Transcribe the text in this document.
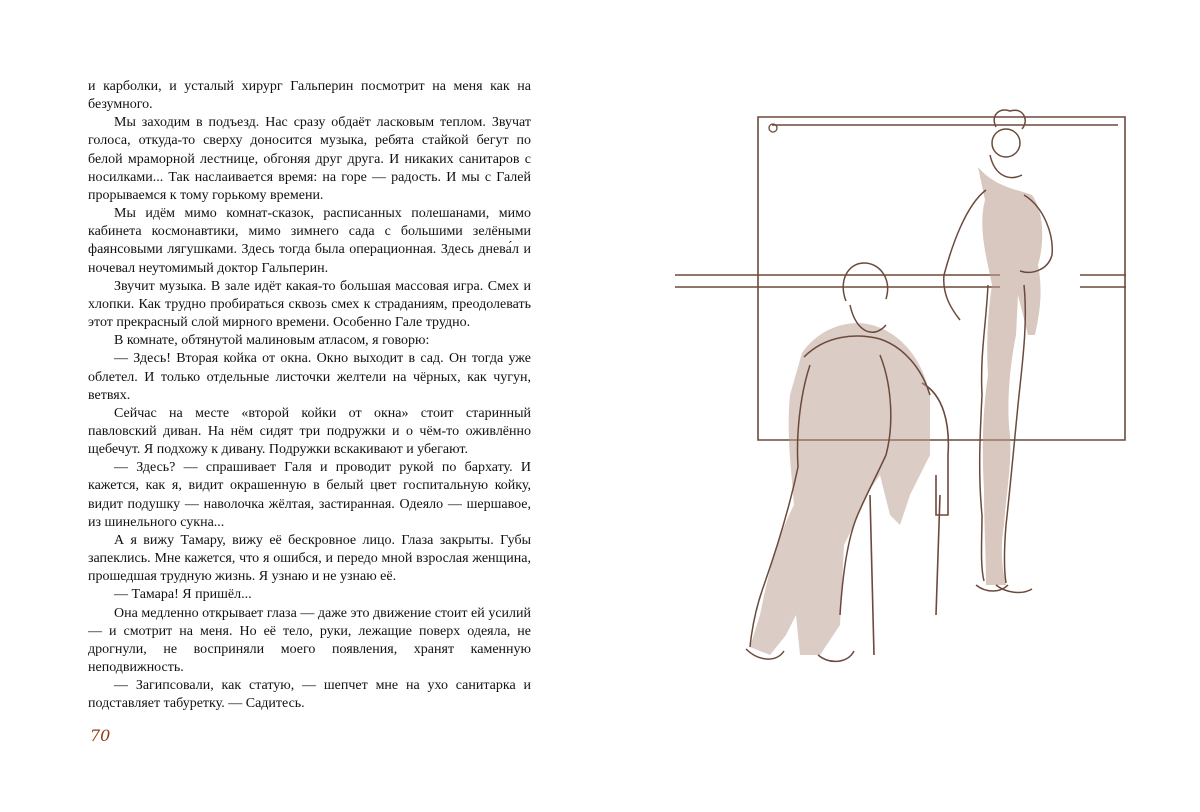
и карболки, и усталый хирург Гальперин посмотрит на меня как на безумного.

Мы заходим в подъезд. Нас сразу обдаёт ласковым теплом. Звучат голоса, откуда-то сверху доносится музыка, ребята стайкой бегут по белой мраморной лестнице, обгоняя друг друга. И никаких санитаров с носилками... Так наслаивается время: на горе — радость. И мы с Галей прорываемся к тому горькому времени.

Мы идём мимо комнат-сказок, расписанных полешанами, мимо кабинета космонавтики, мимо зимнего сада с большими зелёными фаянсовыми лягушками. Здесь тогда была операционная. Здесь днева́л и ночевал неутомимый доктор Гальперин.

Звучит музыка. В зале идёт какая-то большая массовая игра. Смех и хлопки. Как трудно пробираться сквозь смех к страданиям, преодолевать этот прекрасный слой мирного времени. Особенно Гале трудно.

В комнате, обтянутой малиновым атласом, я говорю:

— Здесь! Вторая койка от окна. Окно выходит в сад. Он тогда уже облетел. И только отдельные листочки желтели на чёрных, как чугун, ветвях.

Сейчас на месте «второй койки от окна» стоит старинный павловский диван. На нём сидят три подружки и о чём-то оживлённо щебечут. Я подхожу к дивану. Подружки вскакивают и убегают.

— Здесь? — спрашивает Галя и проводит рукой по бархату. И кажется, как я, видит окрашенную в белый цвет госпитальную койку, видит подушку — наволочка жёлтая, застиранная. Одеяло — шершавое, из шинельного сукна...

А я вижу Тамару, вижу её бескровное лицо. Глаза закрыты. Губы запеклись. Мне кажется, что я ошибся, и передо мной взрослая женщина, прошедшая трудную жизнь. Я узнаю и не узнаю её.

— Тамара! Я пришёл...

Она медленно открывает глаза — даже это движение стоит ей усилий — и смотрит на меня. Но её тело, руки, лежащие поверх одеяла, не дрогнули, не восприняли моего появления, хранят каменную неподвижность.

— Загипсовали, как статую, — шепчет мне на ухо санитарка и подставляет табуретку. — Садитесь.

70
